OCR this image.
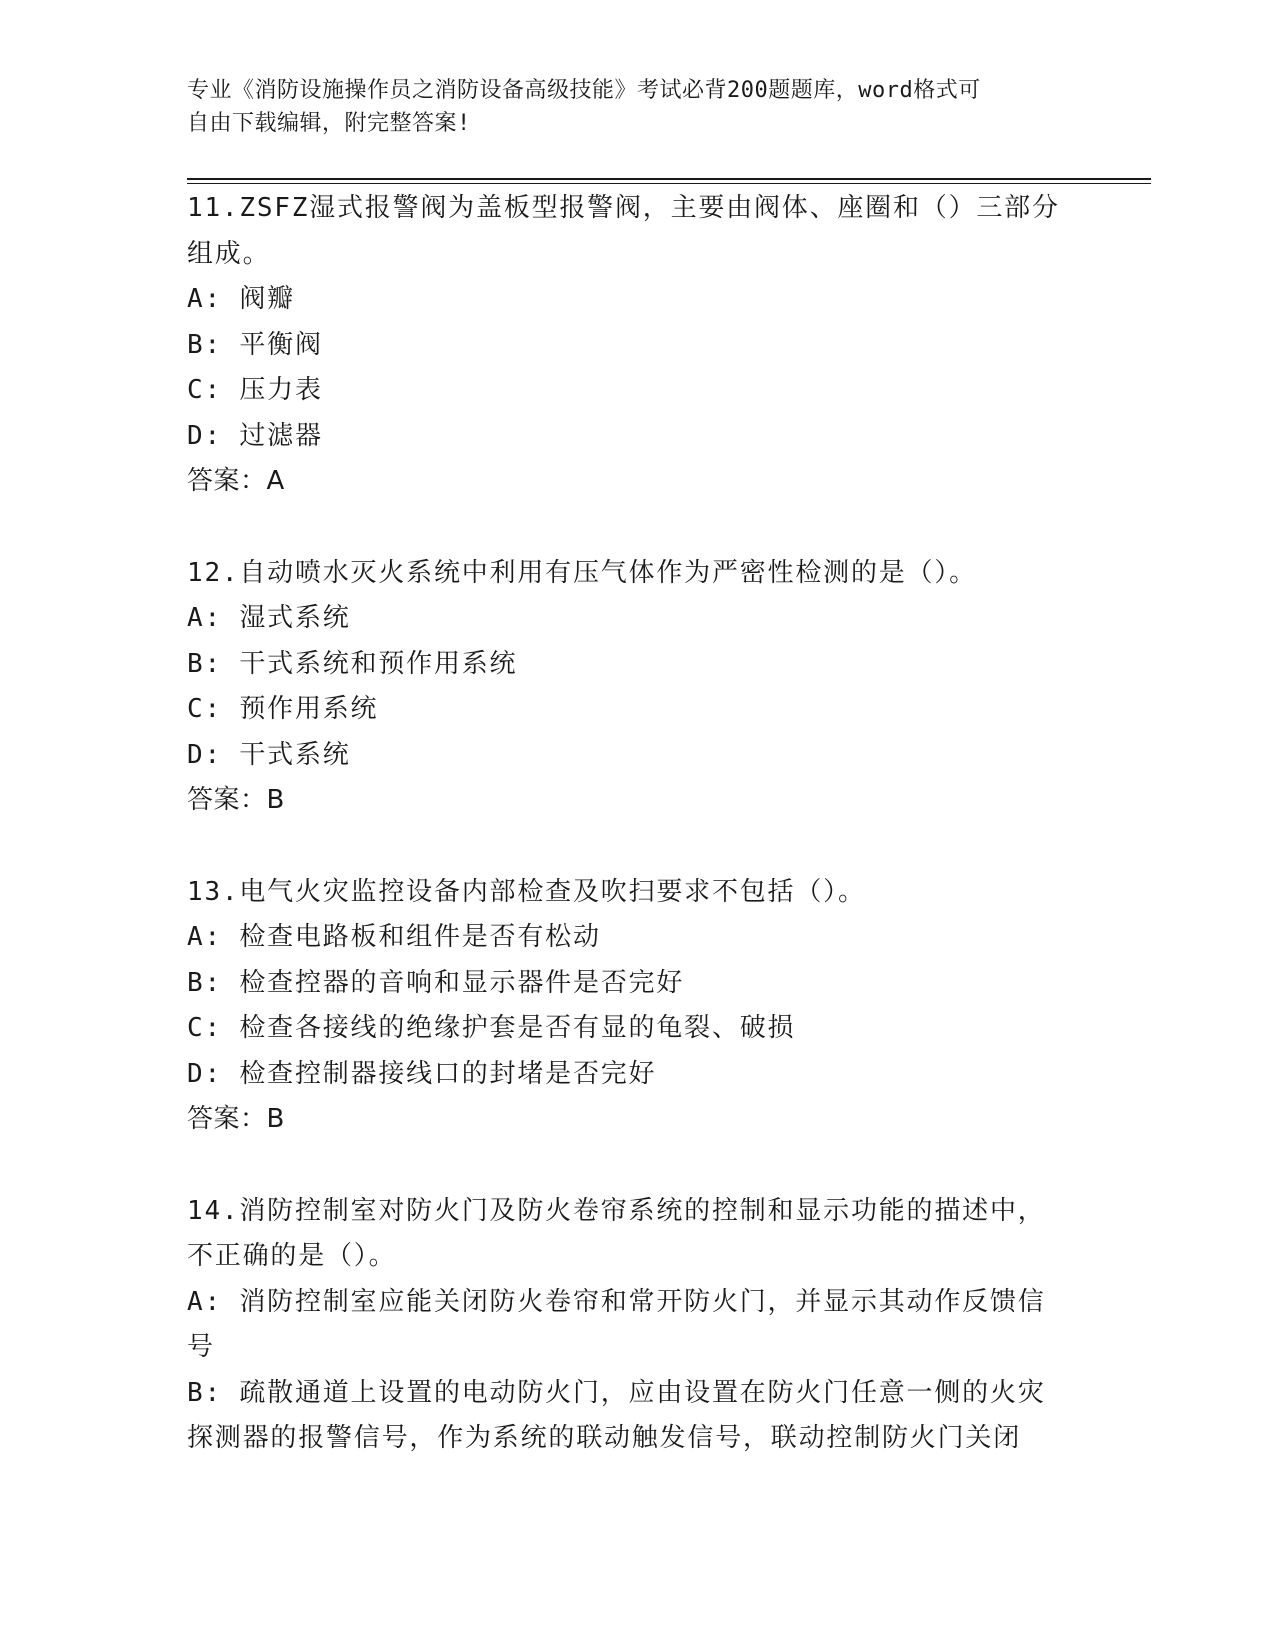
专业《消防设施操作员之消防设备高级技能》考试必背200题题库，word格式可
自由下载编辑，附完整答案!
11.ZSFZ湿式报警阀为盖板型报警阀，主要由阀体、座圈和（）三部分
组成。
A: 阀瓣
B: 平衡阀
C: 压力表
D: 过滤器
答案：A
12.自动喷水灭火系统中利用有压气体作为严密性检测的是（）。
A: 湿式系统
B: 干式系统和预作用系统
C: 预作用系统
D: 干式系统
答案：B
13.电气火灾监控设备内部检查及吹扫要求不包括（）。
A: 检查电路板和组件是否有松动
B: 检查控器的音响和显示器件是否完好
C: 检查各接线的绝缘护套是否有显的龟裂、破损
D: 检查控制器接线口的封堵是否完好
答案：B
14.消防控制室对防火门及防火卷帘系统的控制和显示功能的描述中，
不正确的是（）。
A: 消防控制室应能关闭防火卷帘和常开防火门，并显示其动作反馈信
号
B: 疏散通道上设置的电动防火门，应由设置在防火门任意一侧的火灾
探测器的报警信号，作为系统的联动触发信号，联动控制防火门关闭
